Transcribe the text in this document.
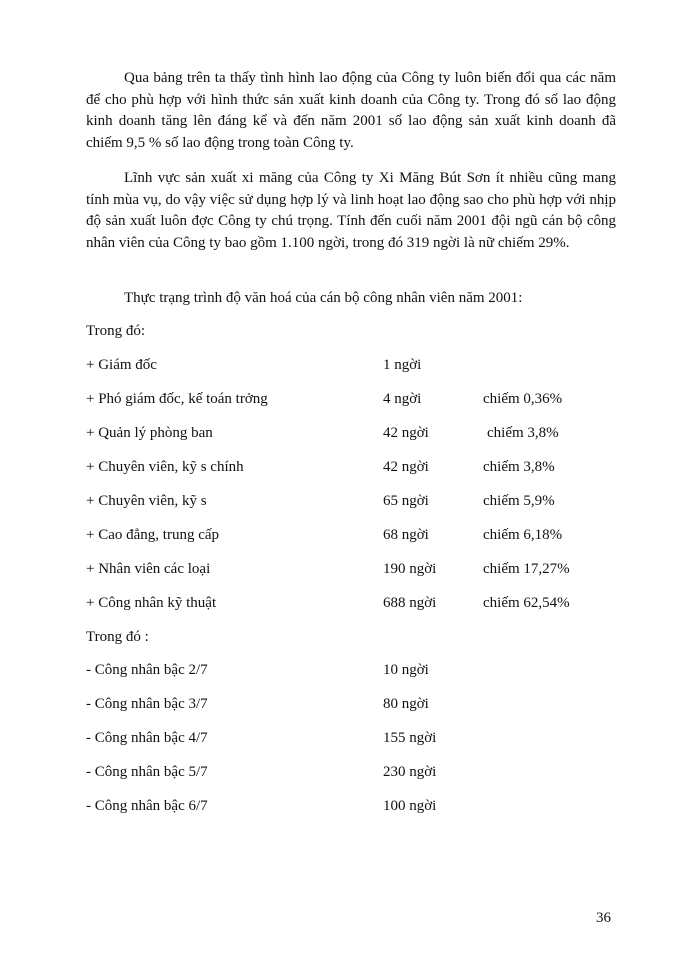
Qua bảng trên ta thấy tình hình lao động của Công ty luôn biến đổi qua các năm để cho phù hợp với hình thức sản xuất kinh doanh của Công ty. Trong đó số lao động kinh doanh tăng lên đáng kể và đến năm 2001 số lao động sản xuất kinh doanh đã chiếm 9,5 % số lao động trong toàn Công ty.

Lĩnh vực sản xuất xi măng của Công ty Xi Măng Bút Sơn ít nhiều cũng mang tính mùa vụ, do vậy việc sử dụng hợp lý và linh hoạt lao động sao cho phù hợp với nhịp độ sản xuất luôn đợc Công ty chú trọng. Tính đến cuối năm 2001 đội ngũ cán bộ công nhân viên của Công ty bao gồm 1.100 ngời, trong đó 319 ngời là nữ chiếm 29%.

Thực trạng trình độ văn hoá của cán bộ công nhân viên năm 2001:

Trong đó:

+ Giám đốc	1 ngời
+ Phó giám đốc, kế toán trởng	4 ngời	chiếm 0,36%
+ Quản lý phòng ban	42 ngời	chiếm 3,8%
+ Chuyên viên, kỹ s chính	42 ngời	chiếm 3,8%
+ Chuyên viên, kỹ s	65 ngời	chiếm 5,9%
+ Cao đẳng, trung cấp	68 ngời	chiếm 6,18%
+ Nhân viên các loại	190 ngời	chiếm 17,27%
+ Công nhân kỹ thuật	688 ngời	chiếm 62,54%

Trong đó :

- Công nhân bậc 2/7	10 ngời
- Công nhân bậc 3/7	80 ngời
- Công nhân bậc 4/7	155 ngời
- Công nhân bậc 5/7	230 ngời
- Công nhân bậc 6/7	100 ngời

36
